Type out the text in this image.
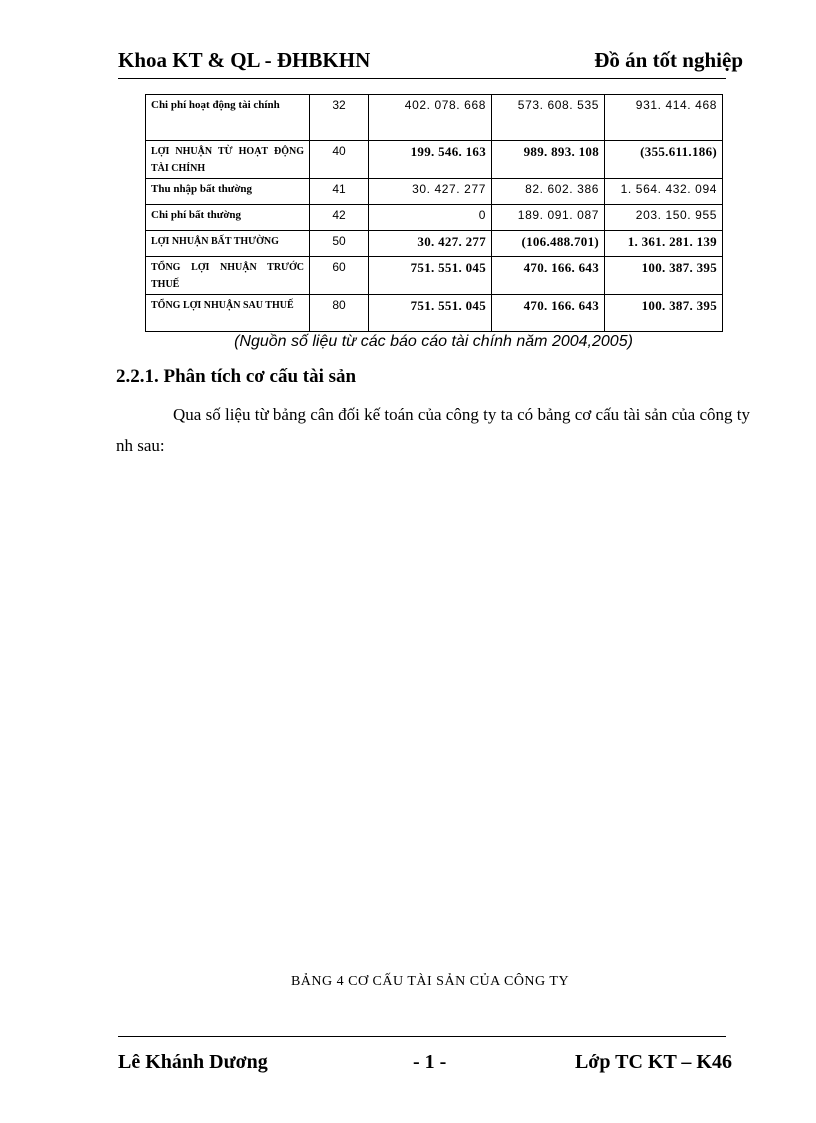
Khoa KT & QL - ĐHBKHN	Đồ án tốt nghiệp
Chi phí hoạt động tài chính	32	402. 078. 668	573. 608. 535	931. 414. 468
LỢI NHUẬN TỪ HOẠT ĐỘNG TÀI CHÍNH	40	199. 546. 163	989. 893. 108	(355.611.186)
Thu nhập bất thường	41	30. 427. 277	82. 602. 386	1. 564. 432. 094
Chi phí bất thường	42	0	189. 091. 087	203. 150. 955
LỢI NHUẬN BẤT THƯỜNG	50	30. 427. 277	(106.488.701)	1. 361. 281. 139
TỔNG LỢI NHUẬN TRƯỚC THUẾ	60	751. 551. 045	470. 166. 643	100. 387. 395
TỔNG LỢI NHUẬN SAU THUẾ	80	751. 551. 045	470. 166. 643	100. 387. 395
(Nguồn số liệu từ các báo cáo tài chính năm 2004,2005)
2.2.1. Phân tích cơ cấu tài sản
Qua số liệu từ bảng cân đối kế toán của công ty ta có bảng cơ cấu tài sản của công ty nh sau:
BẢNG 4 CƠ CẤU TÀI SẢN CỦA CÔNG TY
Lê Khánh Dương	- 1 -	Lớp TC KT – K46
